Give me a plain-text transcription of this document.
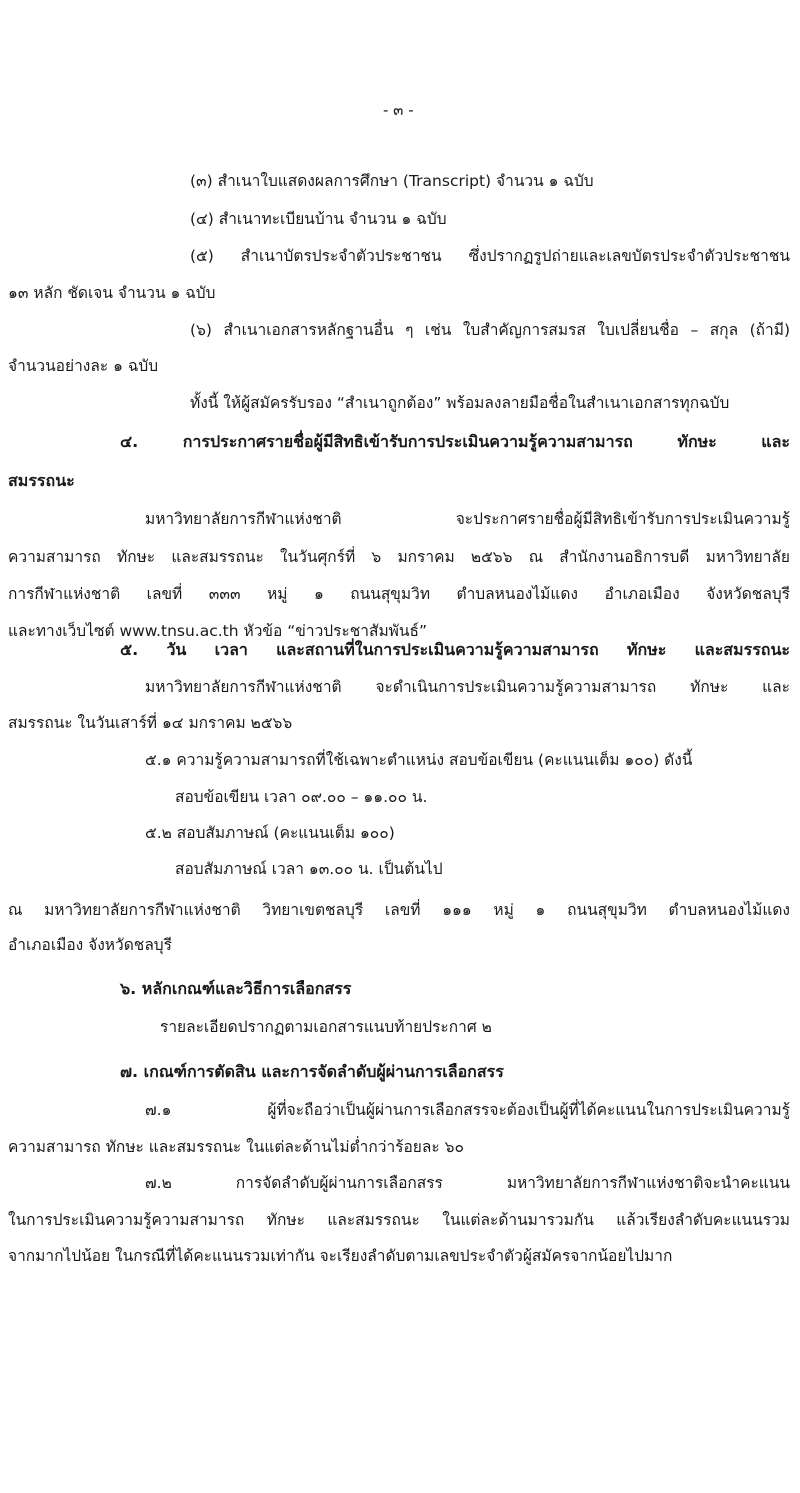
- ๓ -
(๓) สำเนาใบแสดงผลการศึกษา (Transcript) จำนวน ๑ ฉบับ
(๔) สำเนาทะเบียนบ้าน จำนวน ๑ ฉบับ
(๕) สำเนาบัตรประจำตัวประชาชน ซึ่งปรากฏรูปถ่ายและเลขบัตรประจำตัวประชาชน
๑๓ หลัก ชัดเจน จำนวน ๑ ฉบับ
(๖) สำเนาเอกสารหลักฐานอื่น ๆ เช่น ใบสำคัญการสมรส ใบเปลี่ยนชื่อ – สกุล (ถ้ามี)
จำนวนอย่างละ ๑ ฉบับ
ทั้งนี้ ให้ผู้สมัครรับรอง “สำเนาถูกต้อง” พร้อมลงลายมือชื่อในสำเนาเอกสารทุกฉบับ
๔. การประกาศรายชื่อผู้มีสิทธิเข้ารับการประเมินความรู้ความสามารถ ทักษะ และ
สมรรถนะ
มหาวิทยาลัยการกีฬาแห่งชาติ จะประกาศรายชื่อผู้มีสิทธิเข้ารับการประเมินความรู้
ความสามารถ ทักษะ และสมรรถนะ ในวันศุกร์ที่ ๖ มกราคม ๒๕๖๖ ณ สำนักงานอธิการบดี มหาวิทยาลัย
การกีฬาแห่งชาติ เลขที่ ๓๓๓ หมู่ ๑ ถนนสุขุมวิท ตำบลหนองไม้แดง อำเภอเมือง จังหวัดชลบุรี
และทางเว็บไซต์ www.tnsu.ac.th หัวข้อ “ข่าวประชาสัมพันธ์”
๕. วัน เวลา และสถานที่ในการประเมินความรู้ความสามารถ ทักษะ และสมรรถนะ
มหาวิทยาลัยการกีฬาแห่งชาติ จะดำเนินการประเมินความรู้ความสามารถ ทักษะ และ
สมรรถนะ ในวันเสาร์ที่ ๑๔ มกราคม ๒๕๖๖
๕.๑ ความรู้ความสามารถที่ใช้เฉพาะตำแหน่ง สอบข้อเขียน (คะแนนเต็ม ๑๐๐) ดังนี้
สอบข้อเขียน เวลา ๐๙.๐๐ – ๑๑.๐๐ น.
๕.๒ สอบสัมภาษณ์ (คะแนนเต็ม ๑๐๐)
สอบสัมภาษณ์ เวลา ๑๓.๐๐ น. เป็นต้นไป
ณ มหาวิทยาลัยการกีฬาแห่งชาติ วิทยาเขตชลบุรี เลขที่ ๑๑๑ หมู่ ๑ ถนนสุขุมวิท ตำบลหนองไม้แดง
อำเภอเมือง จังหวัดชลบุรี
๖. หลักเกณฑ์และวิธีการเลือกสรร
รายละเอียดปรากฏตามเอกสารแนบท้ายประกาศ ๒
๗. เกณฑ์การตัดสิน และการจัดลำดับผู้ผ่านการเลือกสรร
๗.๑ ผู้ที่จะถือว่าเป็นผู้ผ่านการเลือกสรรจะต้องเป็นผู้ที่ได้คะแนนในการประเมินความรู้
ความสามารถ ทักษะ และสมรรถนะ ในแต่ละด้านไม่ต่ำกว่าร้อยละ ๖๐
๗.๒ การจัดลำดับผู้ผ่านการเลือกสรร มหาวิทยาลัยการกีฬาแห่งชาติจะนำคะแนน
ในการประเมินความรู้ความสามารถ ทักษะ และสมรรถนะ ในแต่ละด้านมารวมกัน แล้วเรียงลำดับคะแนนรวม
จากมากไปน้อย ในกรณีที่ได้คะแนนรวมเท่ากัน จะเรียงลำดับตามเลขประจำตัวผู้สมัครจากน้อยไปมาก
